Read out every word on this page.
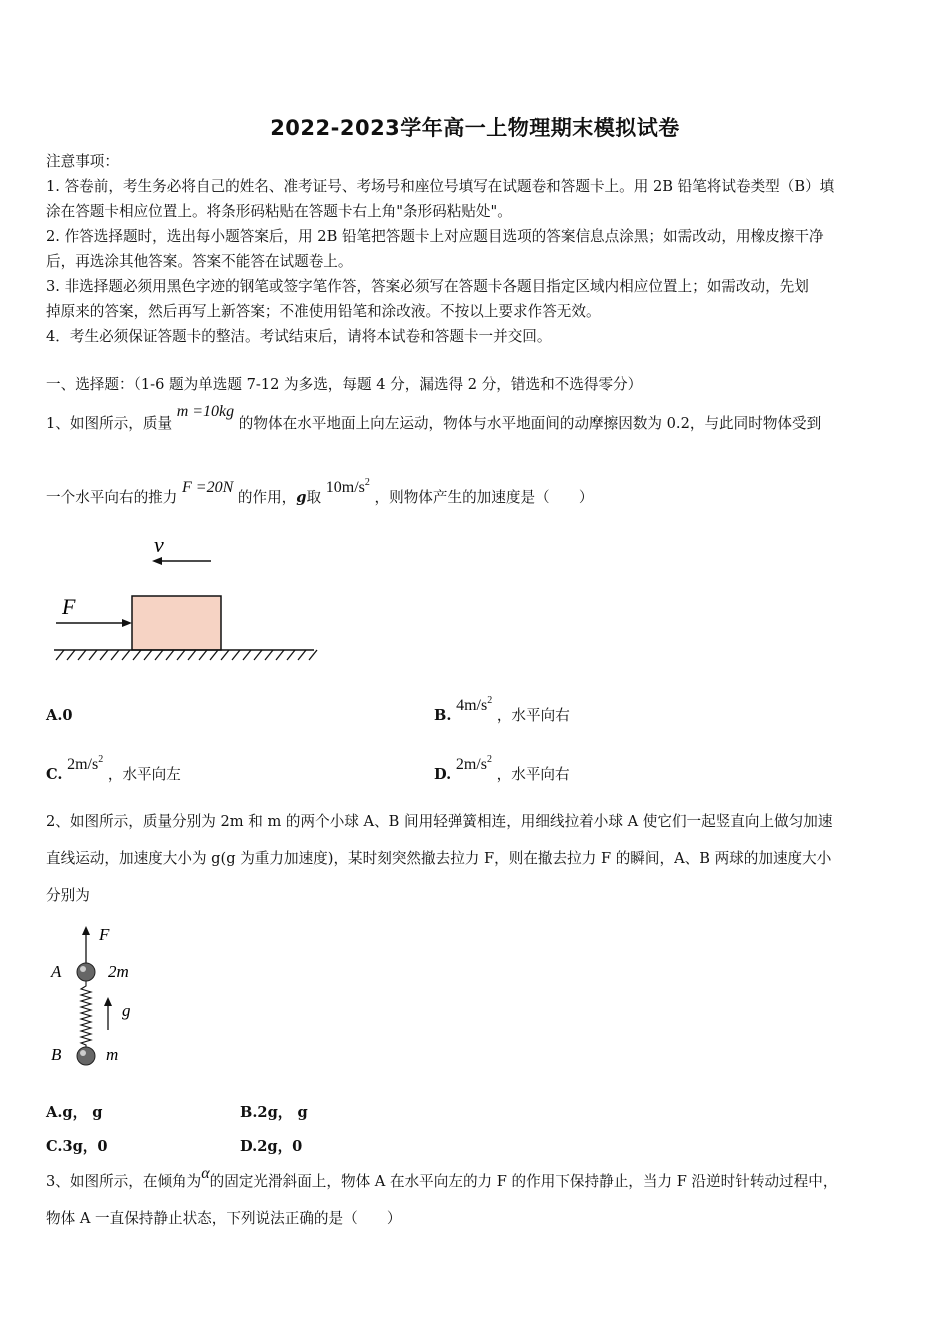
2022-2023学年高一上物理期末模拟试卷
注意事项：
1. 答卷前，考生务必将自己的姓名、准考证号、考场号和座位号填写在试题卷和答题卡上。用 2B 铅笔将试卷类型（B）填
涂在答题卡相应位置上。将条形码粘贴在答题卡右上角"条形码粘贴处"。
2. 作答选择题时，选出每小题答案后，用 2B 铅笔把答题卡上对应题目选项的答案信息点涂黑；如需改动，用橡皮擦干净
后，再选涂其他答案。答案不能答在试题卷上。
3. 非选择题必须用黑色字迹的钢笔或签字笔作答，答案必须写在答题卡各题目指定区域内相应位置上；如需改动，先划
掉原来的答案，然后再写上新答案；不准使用铅笔和涂改液。不按以上要求作答无效。
4．考生必须保证答题卡的整洁。考试结束后，请将本试卷和答题卡一并交回。
一、选择题：（1-6 题为单选题 7-12 为多选，每题 4 分，漏选得 2 分，错选和不选得零分）
1、如图所示，质量 m =10kg 的物体在水平地面上向左运动，物体与水平地面间的动摩擦因数为 0.2，与此同时物体受到
一个水平向右的推力 F =20N 的作用，g取 $10m/s^2$ ，则物体产生的加速度是（　　）
v
F
A.0	B. $4m/s^2$ ，水平向右
C. $2m/s^2$ ，水平向左	D. $2m/s^2$ ，水平向右
2、如图所示，质量分别为 2m 和 m 的两个小球 A、B 间用轻弹簧相连，用细线拉着小球 A 使它们一起竖直向上做匀加速
直线运动，加速度大小为 g(g 为重力加速度)，某时刻突然撤去拉力 F，则在撤去拉力 F 的瞬间，A、B 两球的加速度大小
分别为
F
A	2m
g
B	m
A.g， g	B.2g， g
C.3g，0	D.2g，0
3、如图所示，在倾角为α的固定光滑斜面上，物体 A 在水平向左的力 F 的作用下保持静止，当力 F 沿逆时针转动过程中，
物体 A 一直保持静止状态，下列说法正确的是（　　）
